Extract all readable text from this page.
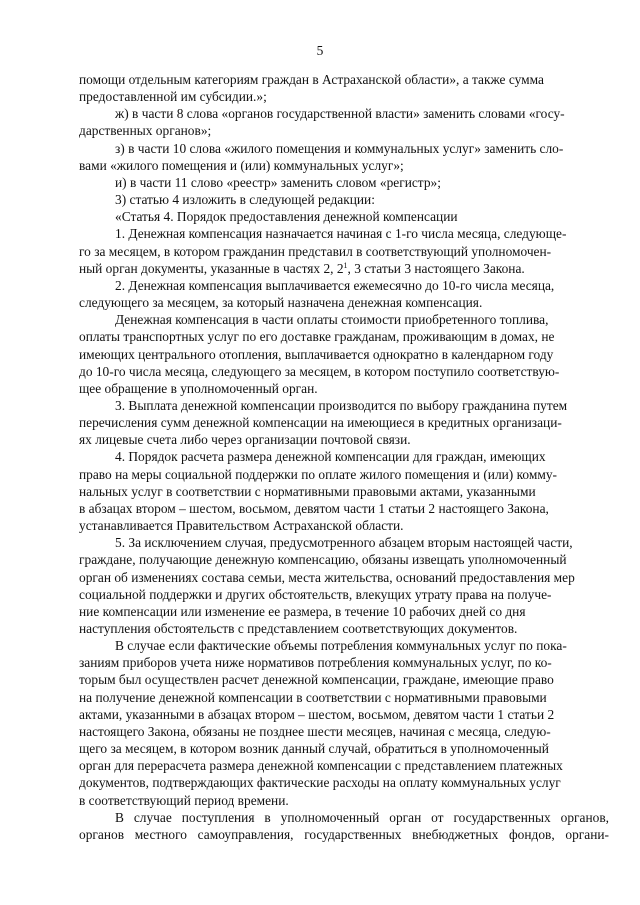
5

помощи отдельным категориям граждан в Астраханской области», а также сумма
предоставленной им субсидии.»;

ж) в части 8 слова «органов государственной власти» заменить словами «госу-
дарственных органов»;

з) в части 10 слова «жилого помещения и коммунальных услуг» заменить сло-
вами «жилого помещения и (или) коммунальных услуг»;

и) в части 11 слово «реестр» заменить словом «регистр»;

3) статью 4 изложить в следующей редакции:

«Статья 4. Порядок предоставления денежной компенсации

1. Денежная компенсация назначается начиная с 1-го числа месяца, следующе-
го за месяцем, в котором гражданин представил в соответствующий уполномочен-
ный орган документы, указанные в частях 2, $2^1$, 3 статьи 3 настоящего Закона.

2. Денежная компенсация выплачивается ежемесячно до 10-го числа месяца,
следующего за месяцем, за который назначена денежная компенсация.

Денежная компенсация в части оплаты стоимости приобретенного топлива,
оплаты транспортных услуг по его доставке гражданам, проживающим в домах, не
имеющих центрального отопления, выплачивается однократно в календарном году
до 10-го числа месяца, следующего за месяцем, в котором поступило соответствую-
щее обращение в уполномоченный орган.

3. Выплата денежной компенсации производится по выбору гражданина путем
перечисления сумм денежной компенсации на имеющиеся в кредитных организаци-
ях лицевые счета либо через организации почтовой связи.

4. Порядок расчета размера денежной компенсации для граждан, имеющих
право на меры социальной поддержки по оплате жилого помещения и (или) комму-
нальных услуг в соответствии с нормативными правовыми актами, указанными
в абзацах втором – шестом, восьмом, девятом части 1 статьи 2 настоящего Закона,
устанавливается Правительством Астраханской области.

5. За исключением случая, предусмотренного абзацем вторым настоящей части,
граждане, получающие денежную компенсацию, обязаны извещать уполномоченный
орган об изменениях состава семьи, места жительства, оснований предоставления мер
социальной поддержки и других обстоятельств, влекущих утрату права на получе-
ние компенсации или изменение ее размера, в течение 10 рабочих дней со дня
наступления обстоятельств с представлением соответствующих документов.

В случае если фактические объемы потребления коммунальных услуг по пока-
заниям приборов учета ниже нормативов потребления коммунальных услуг, по ко-
торым был осуществлен расчет денежной компенсации, граждане, имеющие право
на получение денежной компенсации в соответствии с нормативными правовыми
актами, указанными в абзацах втором – шестом, восьмом, девятом части 1 статьи 2
настоящего Закона, обязаны не позднее шести месяцев, начиная с месяца, следую-
щего за месяцем, в котором возник данный случай, обратиться в уполномоченный
орган для перерасчета размера денежной компенсации с представлением платежных
документов, подтверждающих фактические расходы на оплату коммунальных услуг
в соответствующий период времени.

В случае поступления в уполномоченный орган от государственных органов,
органов местного самоуправления, государственных внебюджетных фондов, органи-
